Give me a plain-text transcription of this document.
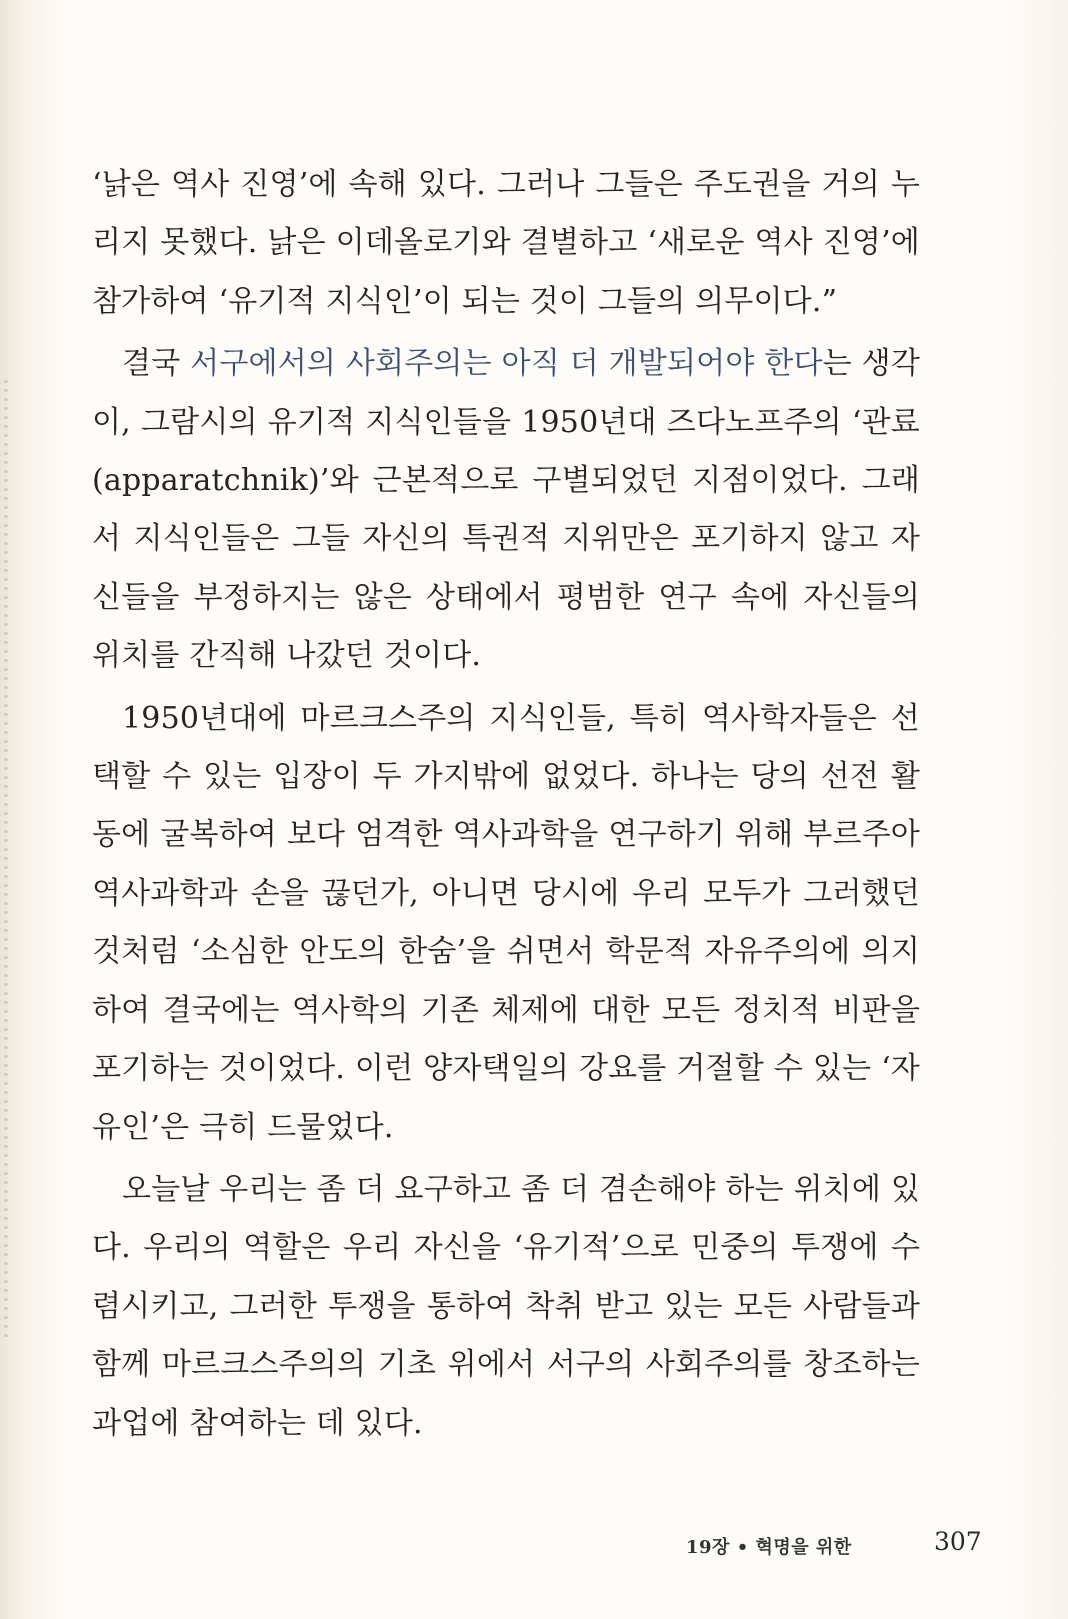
‘낡은 역사 진영’에 속해 있다. 그러나 그들은 주도권을 거의 누리지 못했다. 낡은 이데올로기와 결별하고 ‘새로운 역사 진영’에 참가하여 ‘유기적 지식인’이 되는 것이 그들의 의무이다.”

결국 서구에서의 사회주의는 아직 더 개발되어야 한다는 생각이, 그람시의 유기적 지식인들을 1950년대 즈다노프주의 ‘관료(apparatchnik)’와 근본적으로 구별되었던 지점이었다. 그래서 지식인들은 그들 자신의 특권적 지위만은 포기하지 않고 자신들을 부정하지는 않은 상태에서 평범한 연구 속에 자신들의 위치를 간직해 나갔던 것이다.

1950년대에 마르크스주의 지식인들, 특히 역사학자들은 선택할 수 있는 입장이 두 가지밖에 없었다. 하나는 당의 선전 활동에 굴복하여 보다 엄격한 역사과학을 연구하기 위해 부르주아 역사과학과 손을 끊던가, 아니면 당시에 우리 모두가 그러했던 것처럼 ‘소심한 안도의 한숨’을 쉬면서 학문적 자유주의에 의지하여 결국에는 역사학의 기존 체제에 대한 모든 정치적 비판을 포기하는 것이었다. 이런 양자택일의 강요를 거절할 수 있는 ‘자유인’은 극히 드물었다.

오늘날 우리는 좀 더 요구하고 좀 더 겸손해야 하는 위치에 있다. 우리의 역할은 우리 자신을 ‘유기적’으로 민중의 투쟁에 수렴시키고, 그러한 투쟁을 통하여 착취 받고 있는 모든 사람들과 함께 마르크스주의의 기초 위에서 서구의 사회주의를 창조하는 과업에 참여하는 데 있다.

19장 • 혁명을 위한	307
